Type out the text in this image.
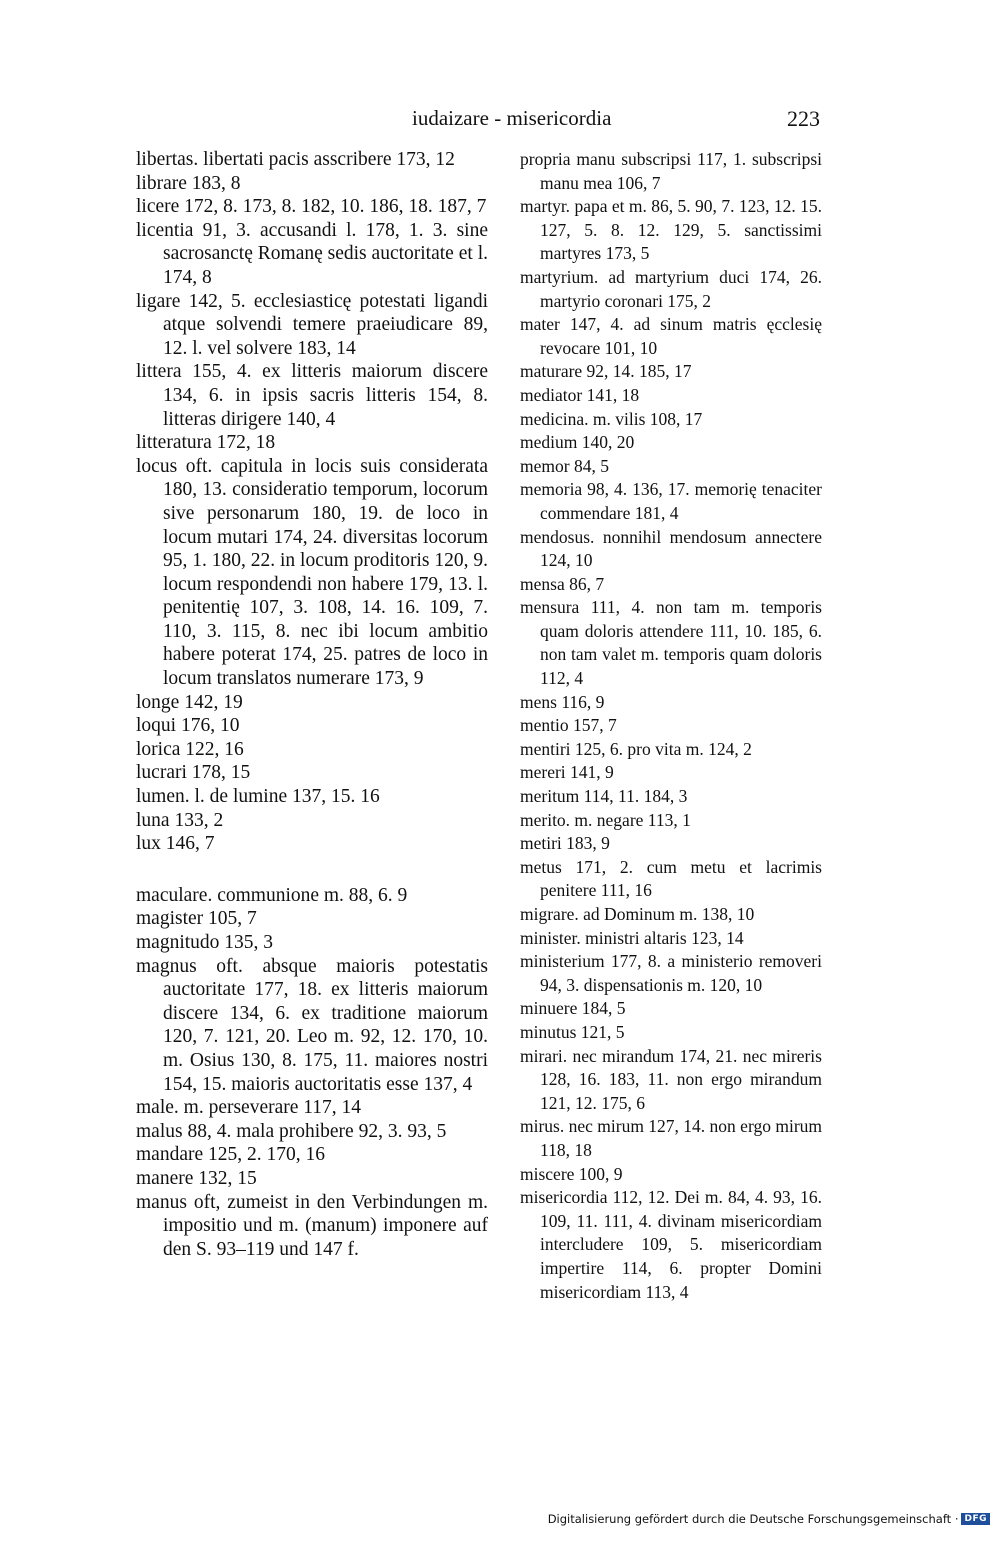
iudaizare - misericordia	223
libertas. libertati pacis asscribere 173, 12
librare 183, 8
licere 172, 8. 173, 8. 182, 10. 186, 18. 187, 7
licentia 91, 3. accusandi l. 178, 1. 3. sine sacrosanctę Romanę sedis auctoritate et l. 174, 8
ligare 142, 5. ecclesiasticę potestati ligandi atque solvendi temere praeiudicare 89, 12. l. vel solvere 183, 14
littera 155, 4. ex litteris maiorum discere 134, 6. in ipsis sacris litteris 154, 8. litteras dirigere 140, 4
litteratura 172, 18
locus oft. capitula in locis suis considerata 180, 13. consideratio temporum, locorum sive personarum 180, 19. de loco in locum mutari 174, 24. diversitas locorum 95, 1. 180, 22. in locum proditoris 120, 9. locum respondendi non habere 179, 13. l. penitentię 107, 3. 108, 14. 16. 109, 7. 110, 3. 115, 8. nec ibi locum ambitio habere poterat 174, 25. patres de loco in locum translatos numerare 173, 9
longe 142, 19
loqui 176, 10
lorica 122, 16
lucrari 178, 15
lumen. l. de lumine 137, 15. 16
luna 133, 2
lux 146, 7
maculare. communione m. 88, 6. 9
magister 105, 7
magnitudo 135, 3
magnus oft. absque maioris potestatis auctoritate 177, 18. ex litteris maiorum discere 134, 6. ex traditione maiorum 120, 7. 121, 20. Leo m. 92, 12. 170, 10. m. Osius 130, 8. 175, 11. maiores nostri 154, 15. maioris auctoritatis esse 137, 4
male. m. perseverare 117, 14
malus 88, 4. mala prohibere 92, 3. 93, 5
mandare 125, 2. 170, 16
manere 132, 15
manus oft, zumeist in den Verbindungen m. impositio und m. (manum) imponere auf den S. 93–119 und 147 f.
propria manu subscripsi 117, 1. subscripsi manu mea 106, 7
martyr. papa et m. 86, 5. 90, 7. 123, 12. 15. 127, 5. 8. 12. 129, 5. sanctissimi martyres 173, 5
martyrium. ad martyrium duci 174, 26. martyrio coronari 175, 2
mater 147, 4. ad sinum matris ęcclesię revocare 101, 10
maturare 92, 14. 185, 17
mediator 141, 18
medicina. m. vilis 108, 17
medium 140, 20
memor 84, 5
memoria 98, 4. 136, 17. memorię tenaciter commendare 181, 4
mendosus. nonnihil mendosum annectere 124, 10
mensa 86, 7
mensura 111, 4. non tam m. temporis quam doloris attendere 111, 10. 185, 6. non tam valet m. temporis quam doloris 112, 4
mens 116, 9
mentio 157, 7
mentiri 125, 6. pro vita m. 124, 2
mereri 141, 9
meritum 114, 11. 184, 3
merito. m. negare 113, 1
metiri 183, 9
metus 171, 2. cum metu et lacrimis penitere 111, 16
migrare. ad Dominum m. 138, 10
minister. ministri altaris 123, 14
ministerium 177, 8. a ministerio removeri 94, 3. dispensationis m. 120, 10
minuere 184, 5
minutus 121, 5
mirari. nec mirandum 174, 21. nec mireris 128, 16. 183, 11. non ergo mirandum 121, 12. 175, 6
mirus. nec mirum 127, 14. non ergo mirum 118, 18
miscere 100, 9
misericordia 112, 12. Dei m. 84, 4. 93, 16. 109, 11. 111, 4. divinam misericordiam intercludere 109, 5. misericordiam impertire 114, 6. propter Domini misericordiam 113, 4
Digitalisierung gefördert durch die Deutsche Forschungsgemeinschaft · DFG
